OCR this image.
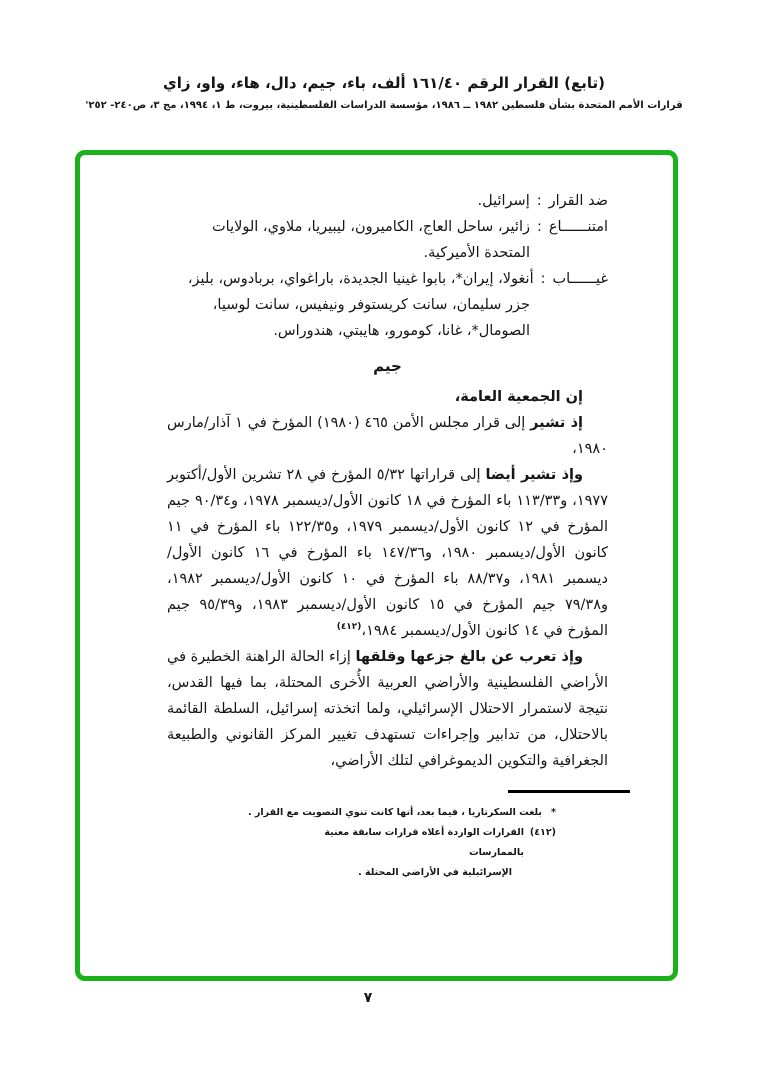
(تابع) القرار الرقم ١٦١/٤٠ ألف، باء، جيم، دال، هاء، واو، زاي
قرارات الأمم المتحدة بشأن فلسطين ١٩٨٢ ــ ١٩٨٦، مؤسسة الدراسات الفلسطينية، بيروت، ط ١، ١٩٩٤، مج ٣، ص٢٤٠- ٢٥٢'
ضد القرار:إسرائيل.
امتنــــــاع:زائير، ساحل العاج، الكاميرون، ليبيريا، ملاوي، الولايات المتحدة الأميركية.
غيــــــاب:أنغولا، إيران*، بابوا غينيا الجديدة، باراغواي، بربادوس، بليز، جزر سليمان، سانت كريستوفر ونيفيس، سانت لوسيا، الصومال*، غانا، كومورو، هايبتي، هندوراس.
جيم

إن الجمعية العامة،

إذ تشير إلى قرار مجلس الأمن ٤٦٥ (١٩٨٠) المؤرخ في ١ آذار/مارس ١٩٨٠،

وإذ تشير أيضا إلى قراراتها ٥/٣٢ المؤرخ في ٢٨ تشرين الأول/أكتوبر ١٩٧٧، و١١٣/٣٣ باء المؤرخ في ١٨ كانون الأول/ديسمبر ١٩٧٨، و٩٠/٣٤ جيم المؤرخ في ١٢ كانون الأول/ديسمبر ١٩٧٩، و١٢٢/٣٥ باء المؤرخ في ١١ كانون الأول/ديسمبر ١٩٨٠، و١٤٧/٣٦ باء المؤرخ في ١٦ كانون الأول/ديسمبر ١٩٨١، و٨٨/٣٧ باء المؤرخ في ١٠ كانون الأول/ديسمبر ١٩٨٢، و٧٩/٣٨ جيم المؤرخ في ١٥ كانون الأول/ديسمبر ١٩٨٣، و٩٥/٣٩ جيم المؤرخ في ١٤ كانون الأول/ديسمبر ١٩٨٤،$^{(٤١٢)}$

وإذ تعرب عن بالغ جزعها وقلقها إزاء الحالة الراهنة الخطيرة في الأراضي الفلسطينية والأراضي العربية الأُخرى المحتلة، بما فيها القدس، نتيجة لاستمرار الاحتلال الإسرائيلي، ولما اتخذته إسرائيل، السلطة القائمة بالاحتلال، من تدابير وإجراءات تستهدف تغيير المركز القانوني والطبيعة الجغرافية والتكوين الديموغرافي لتلك الأراضي،

*
بلغت السكرتاريا ، فيما بعد، أنها كانت تنوي التصويت مع القرار .
(٤١٢)
القرارات الواردة أعلاه قرارات سابقة معنية بالممارسات
الإسرائيلية في الأراضي المحتلة .
٧
